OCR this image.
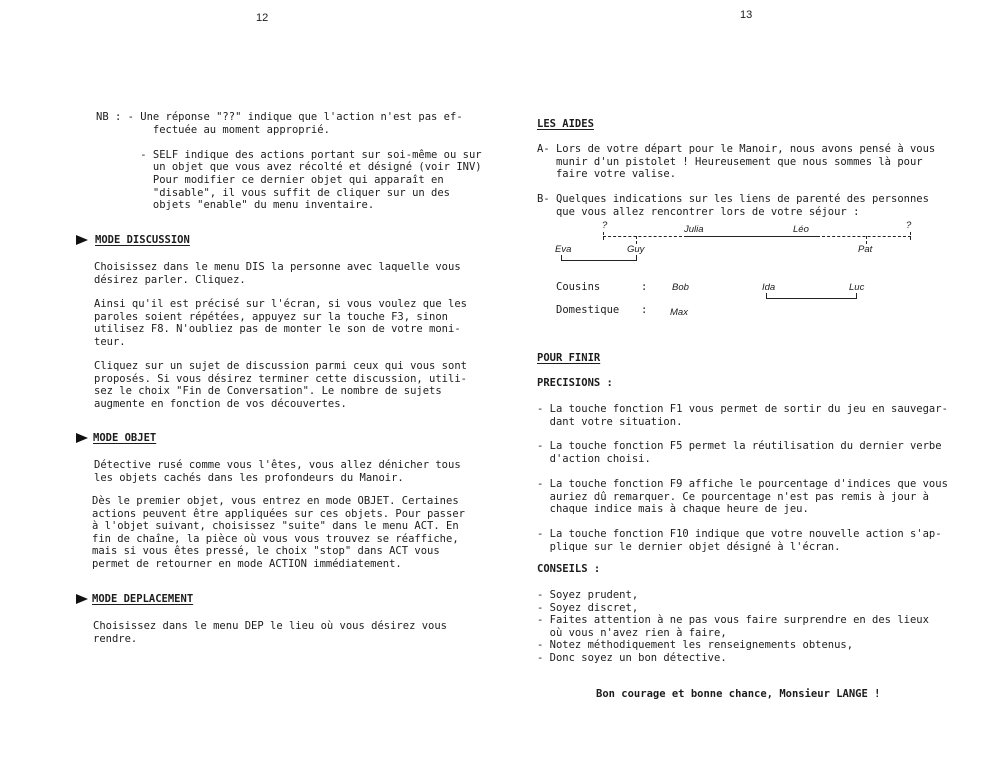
12
NB : - Une réponse "??" indique que l'action n'est pas ef-
fectuée au moment approprié.

- SELF indique des actions portant sur soi-même ou sur
un objet que vous avez récolté et désigné (voir INV)
Pour modifier ce dernier objet qui apparaît en
"disable", il vous suffit de cliquer sur un des
objets "enable" du menu inventaire.
MODE DISCUSSION
Choisissez dans le menu DIS la personne avec laquelle vous
désirez parler. Cliquez.
Ainsi qu'il est précisé sur l'écran, si vous voulez que les
paroles soient répétées, appuyez sur la touche F3, sinon
utilisez F8. N'oubliez pas de monter le son de votre moni-
teur.
Cliquez sur un sujet de discussion parmi ceux qui vous sont
proposés. Si vous désirez terminer cette discussion, utili-
sez le choix "Fin de Conversation". Le nombre de sujets
augmente en fonction de vos découvertes.
MODE OBJET
Détective rusé comme vous l'êtes, vous allez dénicher tous
les objets cachés dans les profondeurs du Manoir.
Dès le premier objet, vous entrez en mode OBJET. Certaines
actions peuvent être appliquées sur ces objets. Pour passer
à l'objet suivant, choisissez "suite" dans le menu ACT. En
fin de chaîne, la pièce où vous vous trouvez se réaffiche,
mais si vous êtes pressé, le choix "stop" dans ACT vous
permet de retourner en mode ACTION immédiatement.
MODE DEPLACEMENT
Choisissez dans le menu DEP le lieu où vous désirez vous
rendre.
13
LES AIDES
A- Lors de votre départ pour le Manoir, nous avons pensé à vous
munir d'un pistolet ! Heureusement que nous sommes là pour
faire votre valise.
B- Quelques indications sur les liens de parenté des personnes
que vous allez rencontrer lors de votre séjour :
?	?
Julia	Léo
Eva	Guy	Pat
Cousins	:	Bob	Ida	Luc
Domestique : Max
POUR FINIR
PRECISIONS :
- La touche fonction F1 vous permet de sortir du jeu en sauvegar-
dant votre situation.
- La touche fonction F5 permet la réutilisation du dernier verbe
d'action choisi.
- La touche fonction F9 affiche le pourcentage d'indices que vous
auriez dû remarquer. Ce pourcentage n'est pas remis à jour à
chaque indice mais à chaque heure de jeu.
- La touche fonction F10 indique que votre nouvelle action s'ap-
plique sur le dernier objet désigné à l'écran.
CONSEILS :
- Soyez prudent,
- Soyez discret,
- Faites attention à ne pas vous faire surprendre en des lieux
où vous n'avez rien à faire,
- Notez méthodiquement les renseignements obtenus,
- Donc soyez un bon détective.
Bon courage et bonne chance, Monsieur LANGE !
